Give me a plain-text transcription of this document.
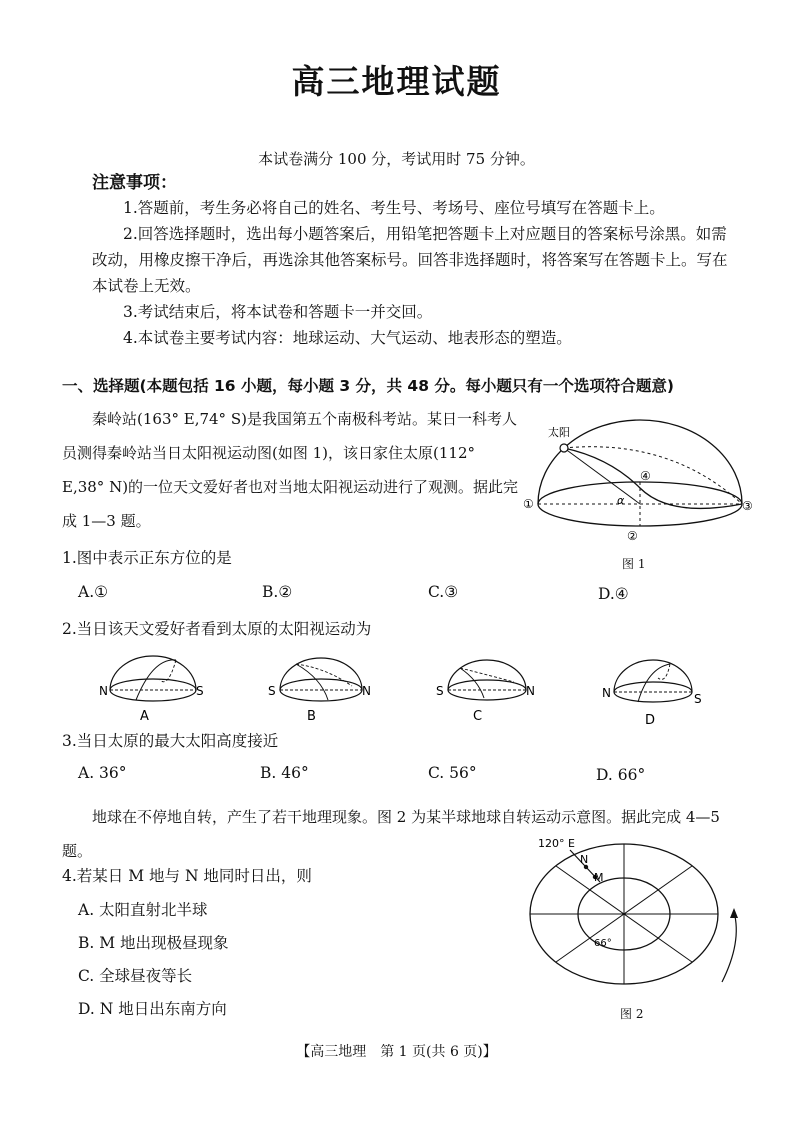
高三地理试题
本试卷满分 100 分，考试用时 75 分钟。
注意事项：

1.答题前，考生务必将自己的姓名、考生号、考场号、座位号填写在答题卡上。

2.回答选择题时，选出每小题答案后，用铅笔把答题卡上对应题目的答案标号涂黑。如需改动，用橡皮擦干净后，再选涂其他答案标号。回答非选择题时，将答案写在答题卡上。写在本试卷上无效。

3.考试结束后，将本试卷和答题卡一并交回。

4.本试卷主要考试内容：地球运动、大气运动、地表形态的塑造。

一、选择题(本题包括 16 小题，每小题 3 分，共 48 分。每小题只有一个选项符合题意)
秦岭站(163° E,74° S)是我国第五个南极科考站。某日一科考人员测得秦岭站当日太阳视运动图(如图 1)，该日家住太原(112° E,38° N)的一位天文爱好者也对当地太阳视运动进行了观测。据此完成 1—3 题。
太阳
α
①
②
③
④
图 1
1.图中表示正东方位的是
A.①	B.②	C.③	D.④
2.当日该天文爱好者看到太原的太阳视运动为
N	S
A
S	N
B
S	N
C
N	S
D
3.当日太原的最大太阳高度接近
A. 36°	B. 46°	C. 56°	D. 66°
地球在不停地自转，产生了若干地理现象。图 2 为某半球地球自转运动示意图。据此完成 4—5 题。
4.若某日 M 地与 N 地同时日出，则
A. 太阳直射北半球
B. M 地出现极昼现象
C. 全球昼夜等长
D. N 地日出东南方向
120° E
N
M
66°
图 2
【高三地理　第 1 页(共 6 页)】
